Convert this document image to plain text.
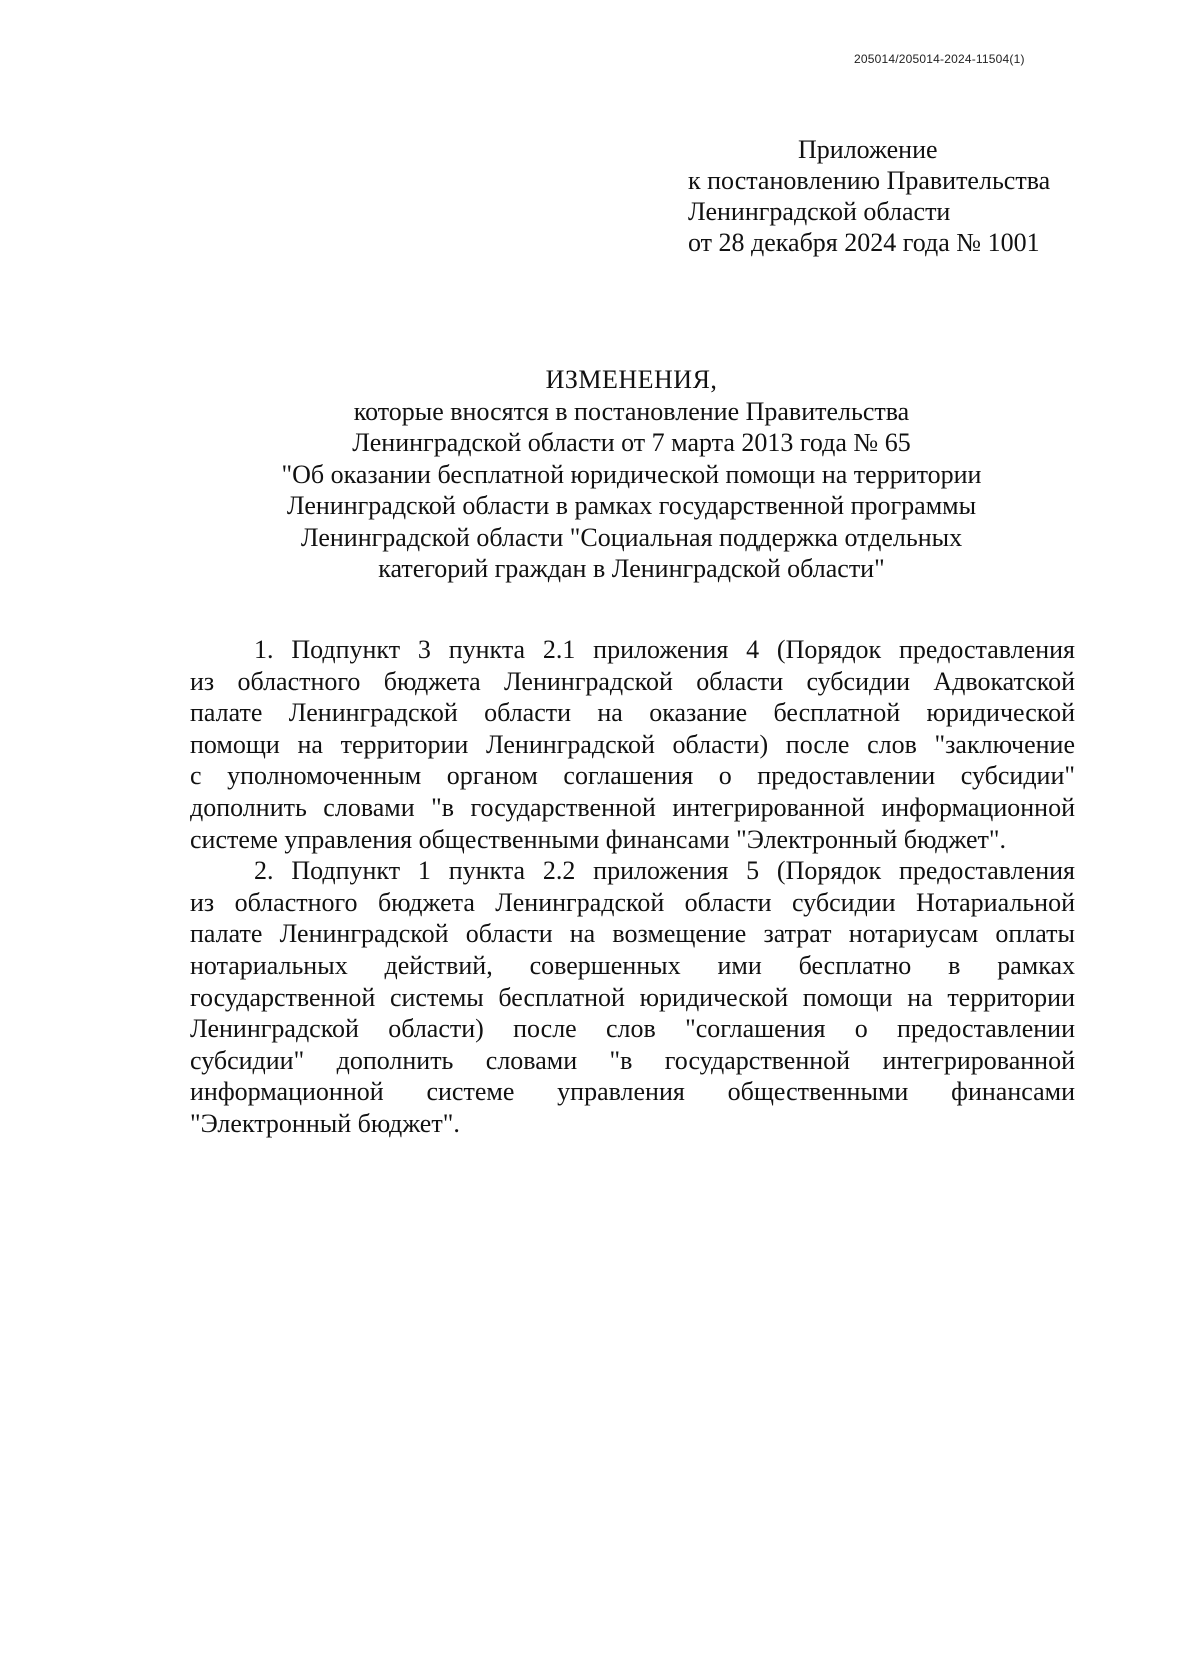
205014/205014-2024-11504(1)
Приложение
к постановлению Правительства
Ленинградской области
от 28 декабря 2024 года № 1001
ИЗМЕНЕНИЯ,
которые вносятся в постановление Правительства
Ленинградской области от 7 марта 2013 года № 65
"Об оказании бесплатной юридической помощи на территории
Ленинградской области в рамках государственной программы
Ленинградской области "Социальная поддержка отдельных
категорий граждан в Ленинградской области"
1. Подпункт 3 пункта 2.1 приложения 4 (Порядок предоставления
из областного бюджета Ленинградской области субсидии Адвокатской
палате Ленинградской области на оказание бесплатной юридической
помощи на территории Ленинградской области) после слов "заключение
с уполномоченным органом соглашения о предоставлении субсидии"
дополнить словами "в государственной интегрированной информационной
системе управления общественными финансами "Электронный бюджет".
2. Подпункт 1 пункта 2.2 приложения 5 (Порядок предоставления
из областного бюджета Ленинградской области субсидии Нотариальной
палате Ленинградской области на возмещение затрат нотариусам оплаты
нотариальных действий, совершенных ими бесплатно в рамках
государственной системы бесплатной юридической помощи на территории
Ленинградской области) после слов "соглашения о предоставлении
субсидии" дополнить словами "в государственной интегрированной
информационной системе управления общественными финансами
"Электронный бюджет".
